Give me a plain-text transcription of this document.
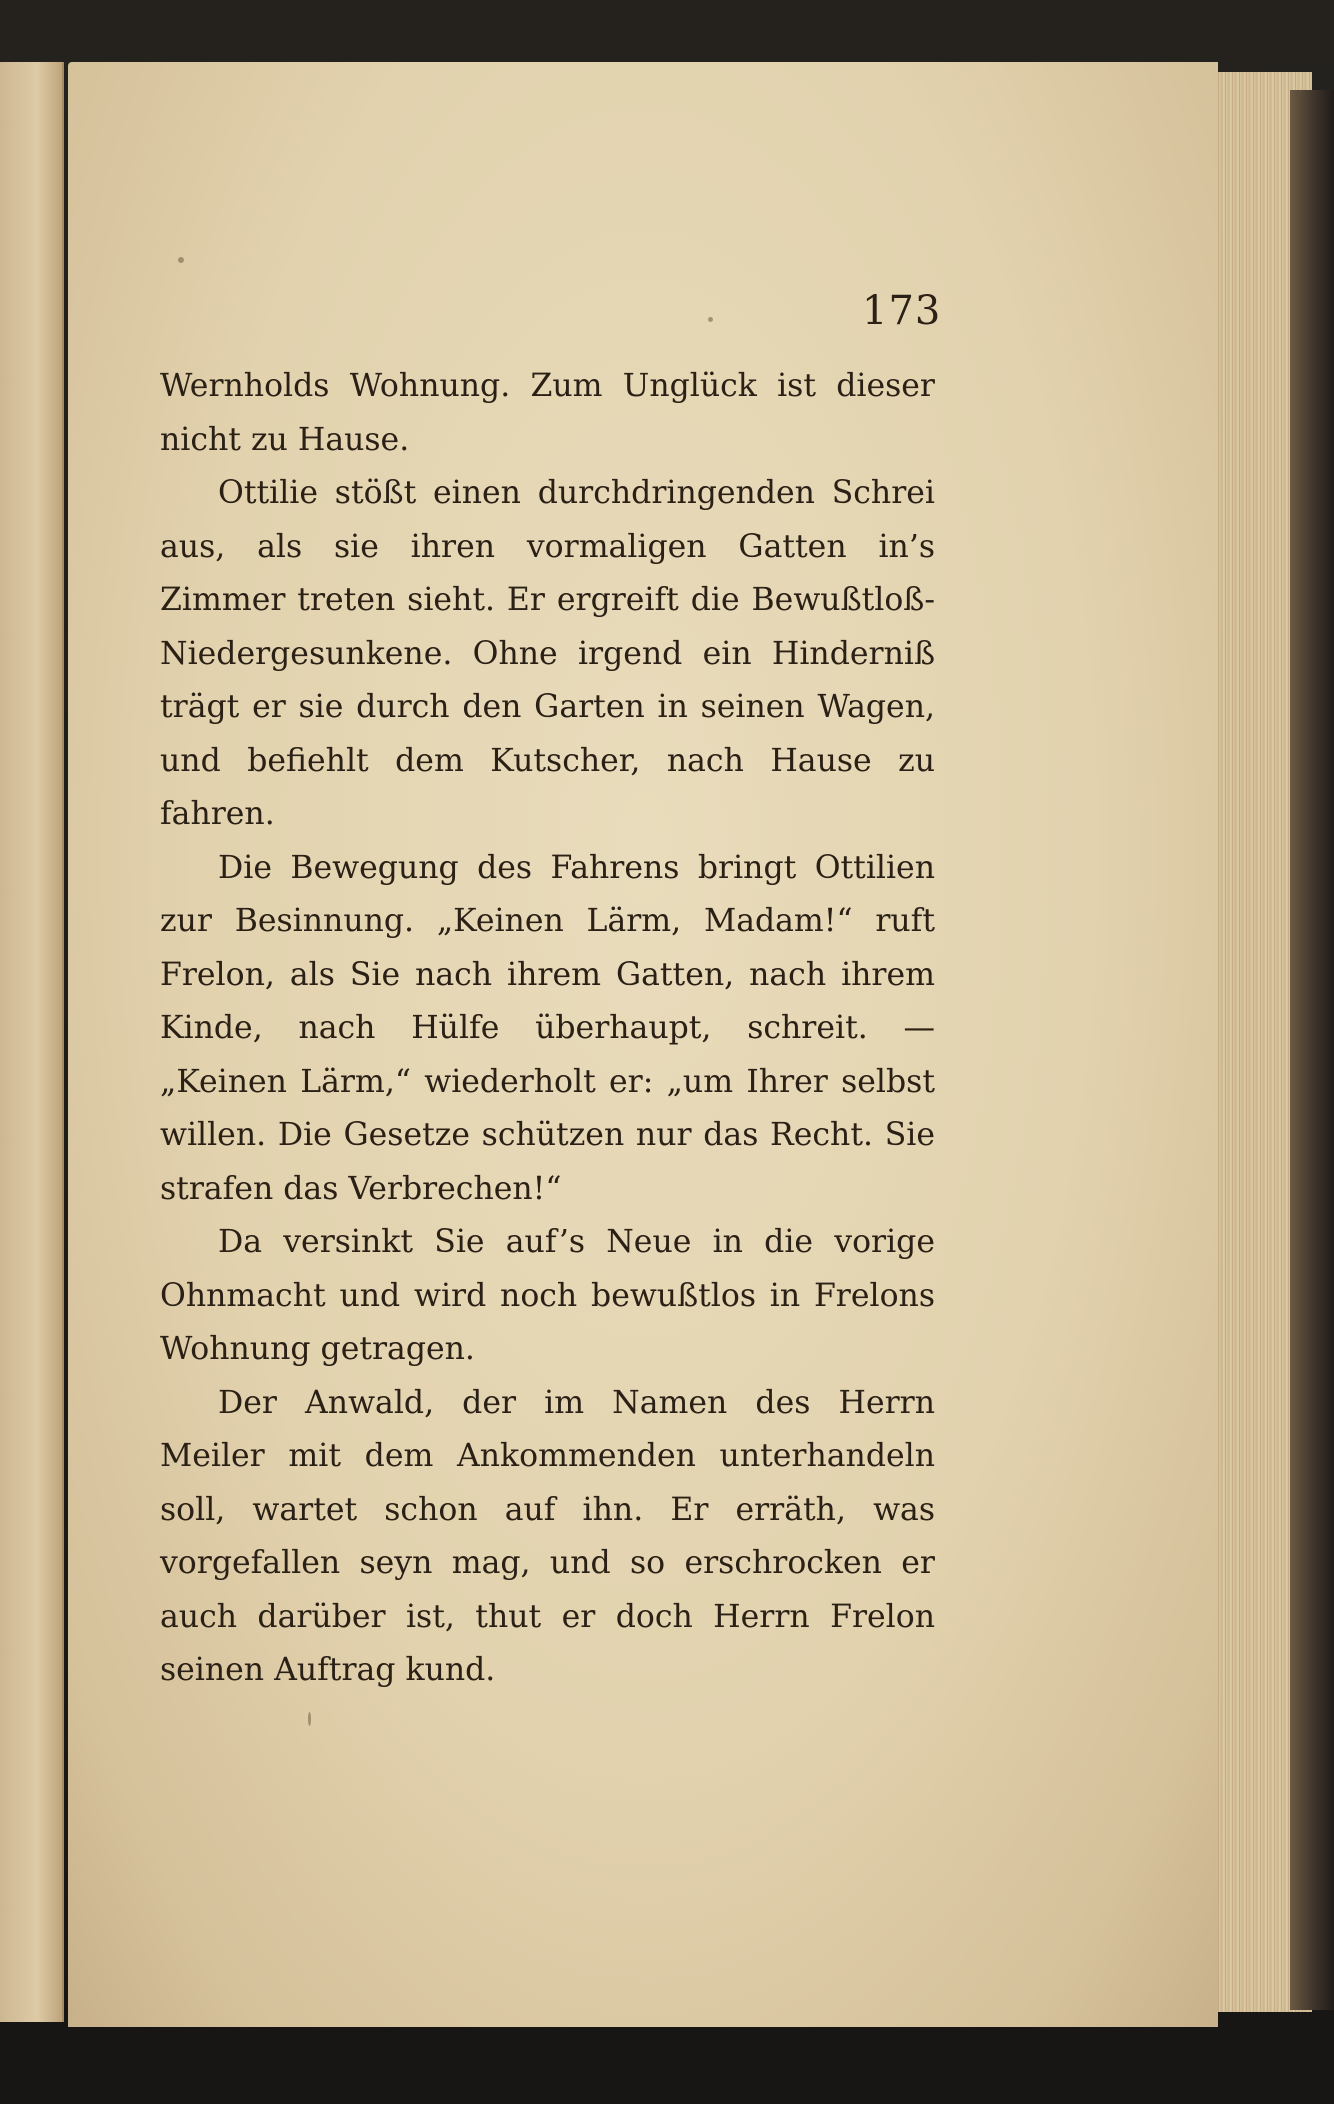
173

Wernholds Wohnung. Zum Unglück ist dieser nicht zu Hause.

Ottilie stößt einen durchdringenden Schrei aus, als sie ihren vormaligen Gatten in’s Zimmer treten sieht. Er ergreift die Bewußtloß-Niedergesunkene. Ohne irgend ein Hinderniß trägt er sie durch den Garten in seinen Wagen, und befiehlt dem Kutscher, nach Hause zu fahren.

Die Bewegung des Fahrens bringt Ottilien zur Besinnung. „Keinen Lärm, Madam!“ ruft Frelon, als Sie nach ihrem Gatten, nach ihrem Kinde, nach Hülfe überhaupt, schreit. — „Keinen Lärm,“ wiederholt er: „um Ihrer selbst willen. Die Gesetze schützen nur das Recht. Sie strafen das Verbrechen!“

Da versinkt Sie auf’s Neue in die vorige Ohnmacht und wird noch bewußtlos in Frelons Wohnung getragen.

Der Anwald, der im Namen des Herrn Meiler mit dem Ankommenden unterhandeln soll, wartet schon auf ihn. Er erräth, was vorgefallen seyn mag, und so erschrocken er auch darüber ist, thut er doch Herrn Frelon seinen Auftrag kund.
